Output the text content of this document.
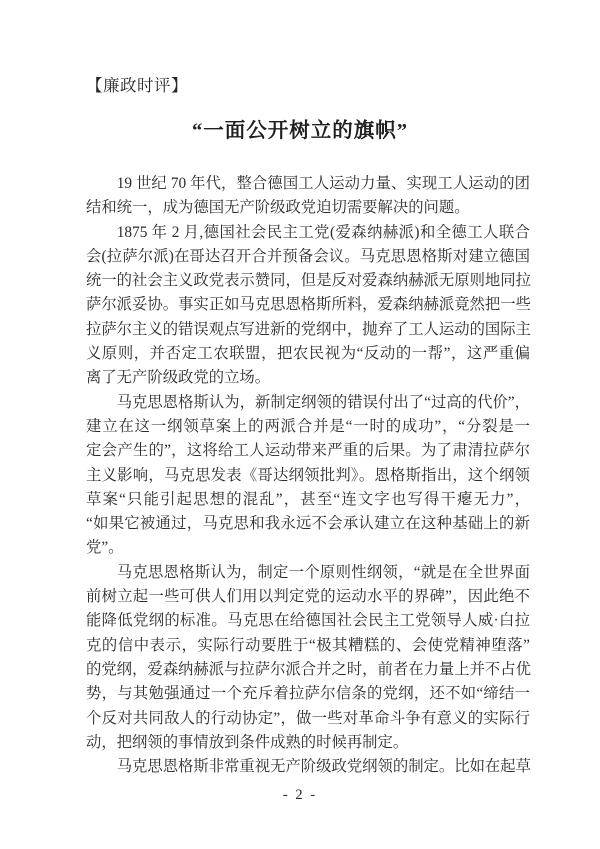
【廉政时评】
“一面公开树立的旗帜”
19 世纪 70 年代，整合德国工人运动力量、实现工人运动的团
结和统一，成为德国无产阶级政党迫切需要解决的问题。
1875 年 2 月,德国社会民主工党(爱森纳赫派)和全德工人联合
会(拉萨尔派)在哥达召开合并预备会议。马克思恩格斯对建立德国
统一的社会主义政党表示赞同，但是反对爱森纳赫派无原则地同拉
萨尔派妥协。事实正如马克思恩格斯所料，爱森纳赫派竟然把一些
拉萨尔主义的错误观点写进新的党纲中，抛弃了工人运动的国际主
义原则，并否定工农联盟，把农民视为“反动的一帮”，这严重偏
离了无产阶级政党的立场。
马克思恩格斯认为，新制定纲领的错误付出了“过高的代价”，
建立在这一纲领草案上的两派合并是“一时的成功”，“分裂是一
定会产生的”，这将给工人运动带来严重的后果。为了肃清拉萨尔
主义影响，马克思发表《哥达纲领批判》。恩格斯指出，这个纲领
草案“只能引起思想的混乱”，甚至“连文字也写得干瘪无力”，
“如果它被通过，马克思和我永远不会承认建立在这种基础上的新
党”。
马克思恩格斯认为，制定一个原则性纲领，“就是在全世界面
前树立起一些可供人们用以判定党的运动水平的界碑”，因此绝不
能降低党纲的标准。马克思在给德国社会民主工党领导人威·白拉
克的信中表示，实际行动要胜于“极其糟糕的、会使党精神堕落”
的党纲，爱森纳赫派与拉萨尔派合并之时，前者在力量上并不占优
势，与其勉强通过一个充斥着拉萨尔信条的党纲，还不如“缔结一
个反对共同敌人的行动协定”，做一些对革命斗争有意义的实际行
动，把纲领的事情放到条件成熟的时候再制定。
马克思恩格斯非常重视无产阶级政党纲领的制定。比如在起草
- 2 -
